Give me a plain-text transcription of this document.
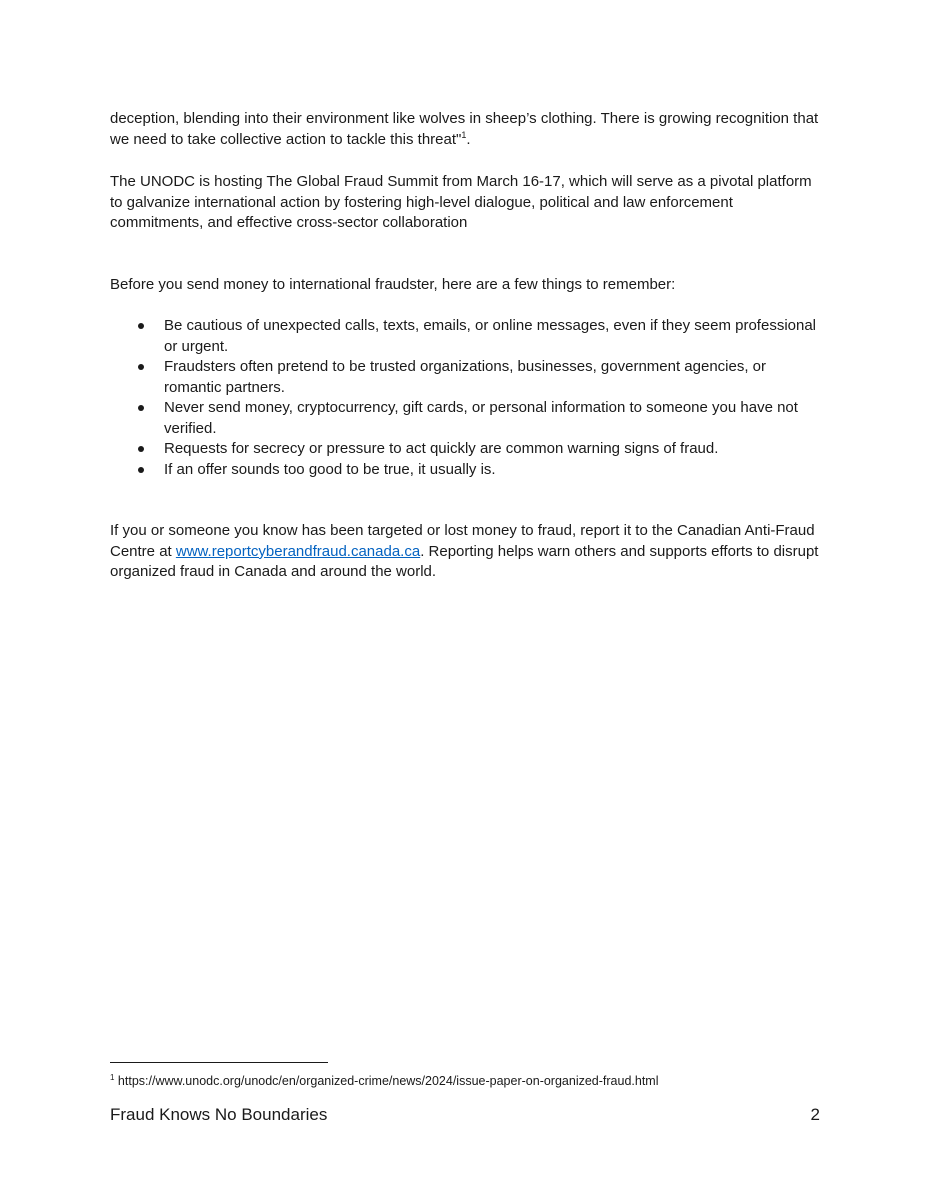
deception, blending into their environment like wolves in sheep’s clothing. There is growing recognition that we need to take collective action to tackle this threat"$^1$.

The UNODC is hosting The Global Fraud Summit from March 16-17, which will serve as a pivotal platform to galvanize international action by fostering high-level dialogue, political and law enforcement commitments, and effective cross-sector collaboration

Before you send money to international fraudster, here are a few things to remember:

Be cautious of unexpected calls, texts, emails, or online messages, even if they seem professional or urgent.
Fraudsters often pretend to be trusted organizations, businesses, government agencies, or romantic partners.
Never send money, cryptocurrency, gift cards, or personal information to someone you have not verified.
Requests for secrecy or pressure to act quickly are common warning signs of fraud.
If an offer sounds too good to be true, it usually is.

If you or someone you know has been targeted or lost money to fraud, report it to the Canadian Anti-Fraud Centre at www.reportcyberandfraud.canada.ca. Reporting helps warn others and supports efforts to disrupt organized fraud in Canada and around the world.

$^1$ https://www.unodc.org/unodc/en/organized-crime/news/2024/issue-paper-on-organized-fraud.html

Fraud Knows No Boundaries	2
